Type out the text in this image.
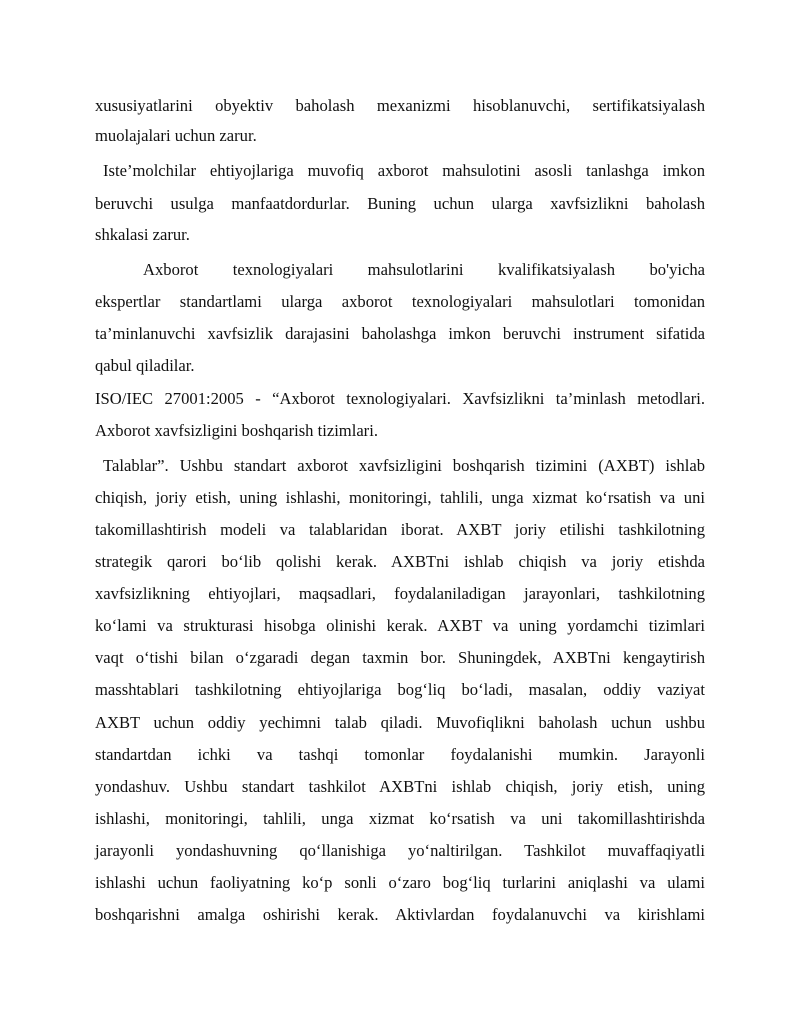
xususiyatlarini obyektiv baholash mexanizmi hisoblanuvchi, sertifikatsiyalash
muolajalari uchun zarur.
Iste’molchilar ehtiyojlariga muvofiq axborot mahsulotini asosli tanlashga imkon
beruvchi usulga manfaatdordurlar. Buning uchun ularga xavfsizlikni baholash
shkalasi zarur.
Axborot texnologiyalari mahsulotlarini kvalifikatsiyalash bo'yicha
ekspertlar standartlami ularga axborot texnologiyalari mahsulotlari tomonidan
ta’minlanuvchi xavfsizlik darajasini baholashga imkon beruvchi instrument sifatida
qabul qiladilar.
ISO/IEC 27001:2005 - “Axborot texnologiyalari. Xavfsizlikni ta’minlash metodlari.
Axborot xavfsizligini boshqarish tizimlari.
Talablar”. Ushbu standart axborot xavfsizligini boshqarish tizimini (AXBT) ishlab
chiqish, joriy etish, uning ishlashi, monitoringi, tahlili, unga xizmat ko‘rsatish va uni
takomillashtirish modeli va talablaridan iborat. AXBT joriy etilishi tashkilotning
strategik qarori bo‘lib qolishi kerak. AXBTni ishlab chiqish va joriy etishda
xavfsizlikning ehtiyojlari, maqsadlari, foydalaniladigan jarayonlari, tashkilotning
ko‘lami va strukturasi hisobga olinishi kerak. AXBT va uning yordamchi tizimlari
vaqt o‘tishi bilan o‘zgaradi degan taxmin bor. Shuningdek, AXBTni kengaytirish
masshtablari tashkilotning ehtiyojlariga bog‘liq bo‘ladi, masalan, oddiy vaziyat
AXBT uchun oddiy yechimni talab qiladi. Muvofiqlikni baholash uchun ushbu
standartdan ichki va tashqi tomonlar foydalanishi mumkin. Jarayonli
yondashuv. Ushbu standart tashkilot AXBTni ishlab chiqish, joriy etish, uning
ishlashi, monitoringi, tahlili, unga xizmat ko‘rsatish va uni takomillashtirishda
jarayonli yondashuvning qo‘llanishiga yo‘naltirilgan. Tashkilot muvaffaqiyatli
ishlashi uchun faoliyatning ko‘p sonli o‘zaro bog‘liq turlarini aniqlashi va ulami
boshqarishni amalga oshirishi kerak. Aktivlardan foydalanuvchi va kirishlami
